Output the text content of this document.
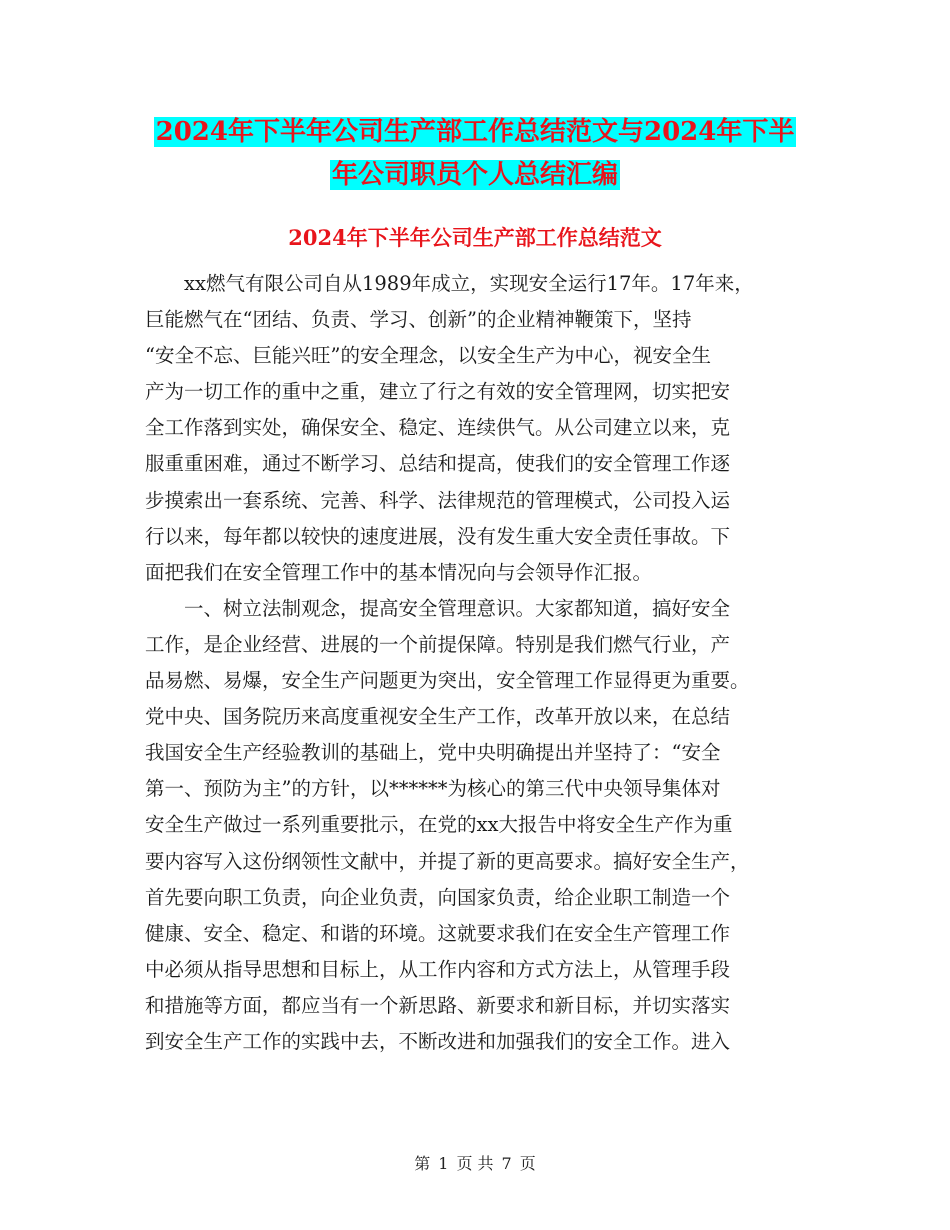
2024年下半年公司生产部工作总结范文与2024年下半
年公司职员个人总结汇编
2024年下半年公司生产部工作总结范文
xx燃气有限公司自从1989年成立，实现安全运行17年。17年来，
巨能燃气在“团结、负责、学习、创新”的企业精神鞭策下，坚持
“安全不忘、巨能兴旺”的安全理念，以安全生产为中心，视安全生
产为一切工作的重中之重，建立了行之有效的安全管理网，切实把安
全工作落到实处，确保安全、稳定、连续供气。从公司建立以来，克
服重重困难，通过不断学习、总结和提高，使我们的安全管理工作逐
步摸索出一套系统、完善、科学、法律规范的管理模式，公司投入运
行以来，每年都以较快的速度进展，没有发生重大安全责任事故。下
面把我们在安全管理工作中的基本情况向与会领导作汇报。
一、树立法制观念，提高安全管理意识。大家都知道，搞好安全
工作，是企业经营、进展的一个前提保障。特别是我们燃气行业，产
品易燃、易爆，安全生产问题更为突出，安全管理工作显得更为重要。
党中央、国务院历来高度重视安全生产工作，改革开放以来，在总结
我国安全生产经验教训的基础上，党中央明确提出并坚持了：“安全
第一、预防为主”的方针，以******为核心的第三代中央领导集体对
安全生产做过一系列重要批示，在党的xx大报告中将安全生产作为重
要内容写入这份纲领性文献中，并提了新的更高要求。搞好安全生产，
首先要向职工负责，向企业负责，向国家负责，给企业职工制造一个
健康、安全、稳定、和谐的环境。这就要求我们在安全生产管理工作
中必须从指导思想和目标上，从工作内容和方式方法上，从管理手段
和措施等方面，都应当有一个新思路、新要求和新目标，并切实落实
到安全生产工作的实践中去，不断改进和加强我们的安全工作。进入
第 1 页 共 7 页
